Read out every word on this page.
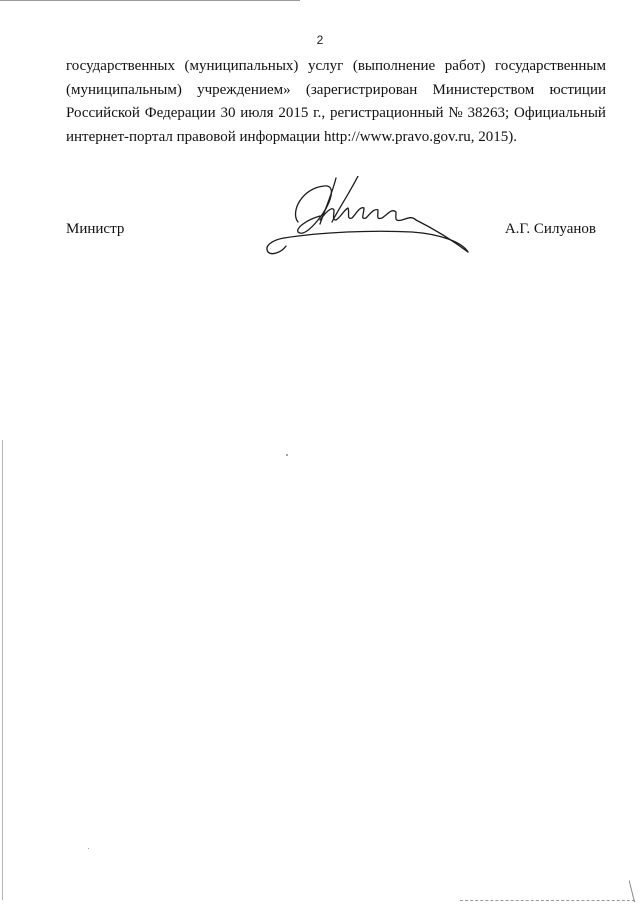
2
государственных (муниципальных) услуг (выполнение работ) государственным
(муниципальным) учреждением» (зарегистрирован Министерством юстиции
Российской Федерации 30 июля 2015 г., регистрационный № 38263; Официальный
интернет-портал правовой информации http://www.pravo.gov.ru, 2015).
Министр	А.Г. Силуанов
